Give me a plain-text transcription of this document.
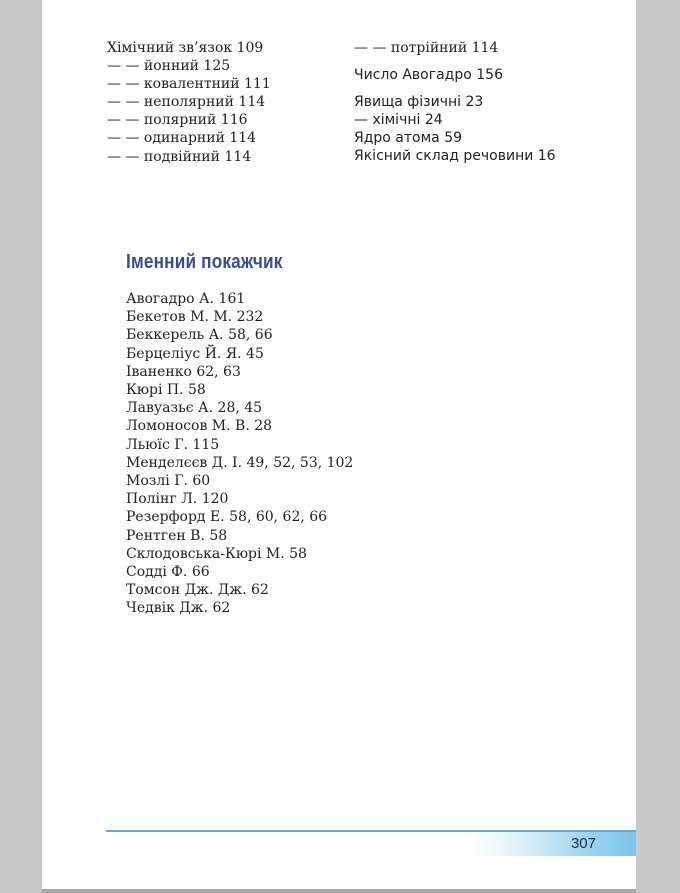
Хімічний зв’язок 109
— — йонний 125
— — ковалентний 111
— — неполярний 114
— — полярний 116
— — одинарний 114
— — подвійний 114
— — потрійний 114
Число Авогадро 156
Явища фізичні 23
— хімічні 24
Ядро атома 59
Якісний склад речовини 16
Іменний покажчик
Авогадро А. 161
Бекетов М. М. 232
Беккерель А. 58, 66
Берцеліус Й. Я. 45
Іваненко 62, 63
Кюрі П. 58
Лавуазьє А. 28, 45
Ломоносов М. В. 28
Льюїс Г. 115
Менделєєв Д. І. 49, 52, 53, 102
Мозлі Г. 60
Полінг Л. 120
Резерфорд Е. 58, 60, 62, 66
Рентген В. 58
Склодовська-Кюрі М. 58
Содді Ф. 66
Томсон Дж. Дж. 62
Чедвік Дж. 62
307
